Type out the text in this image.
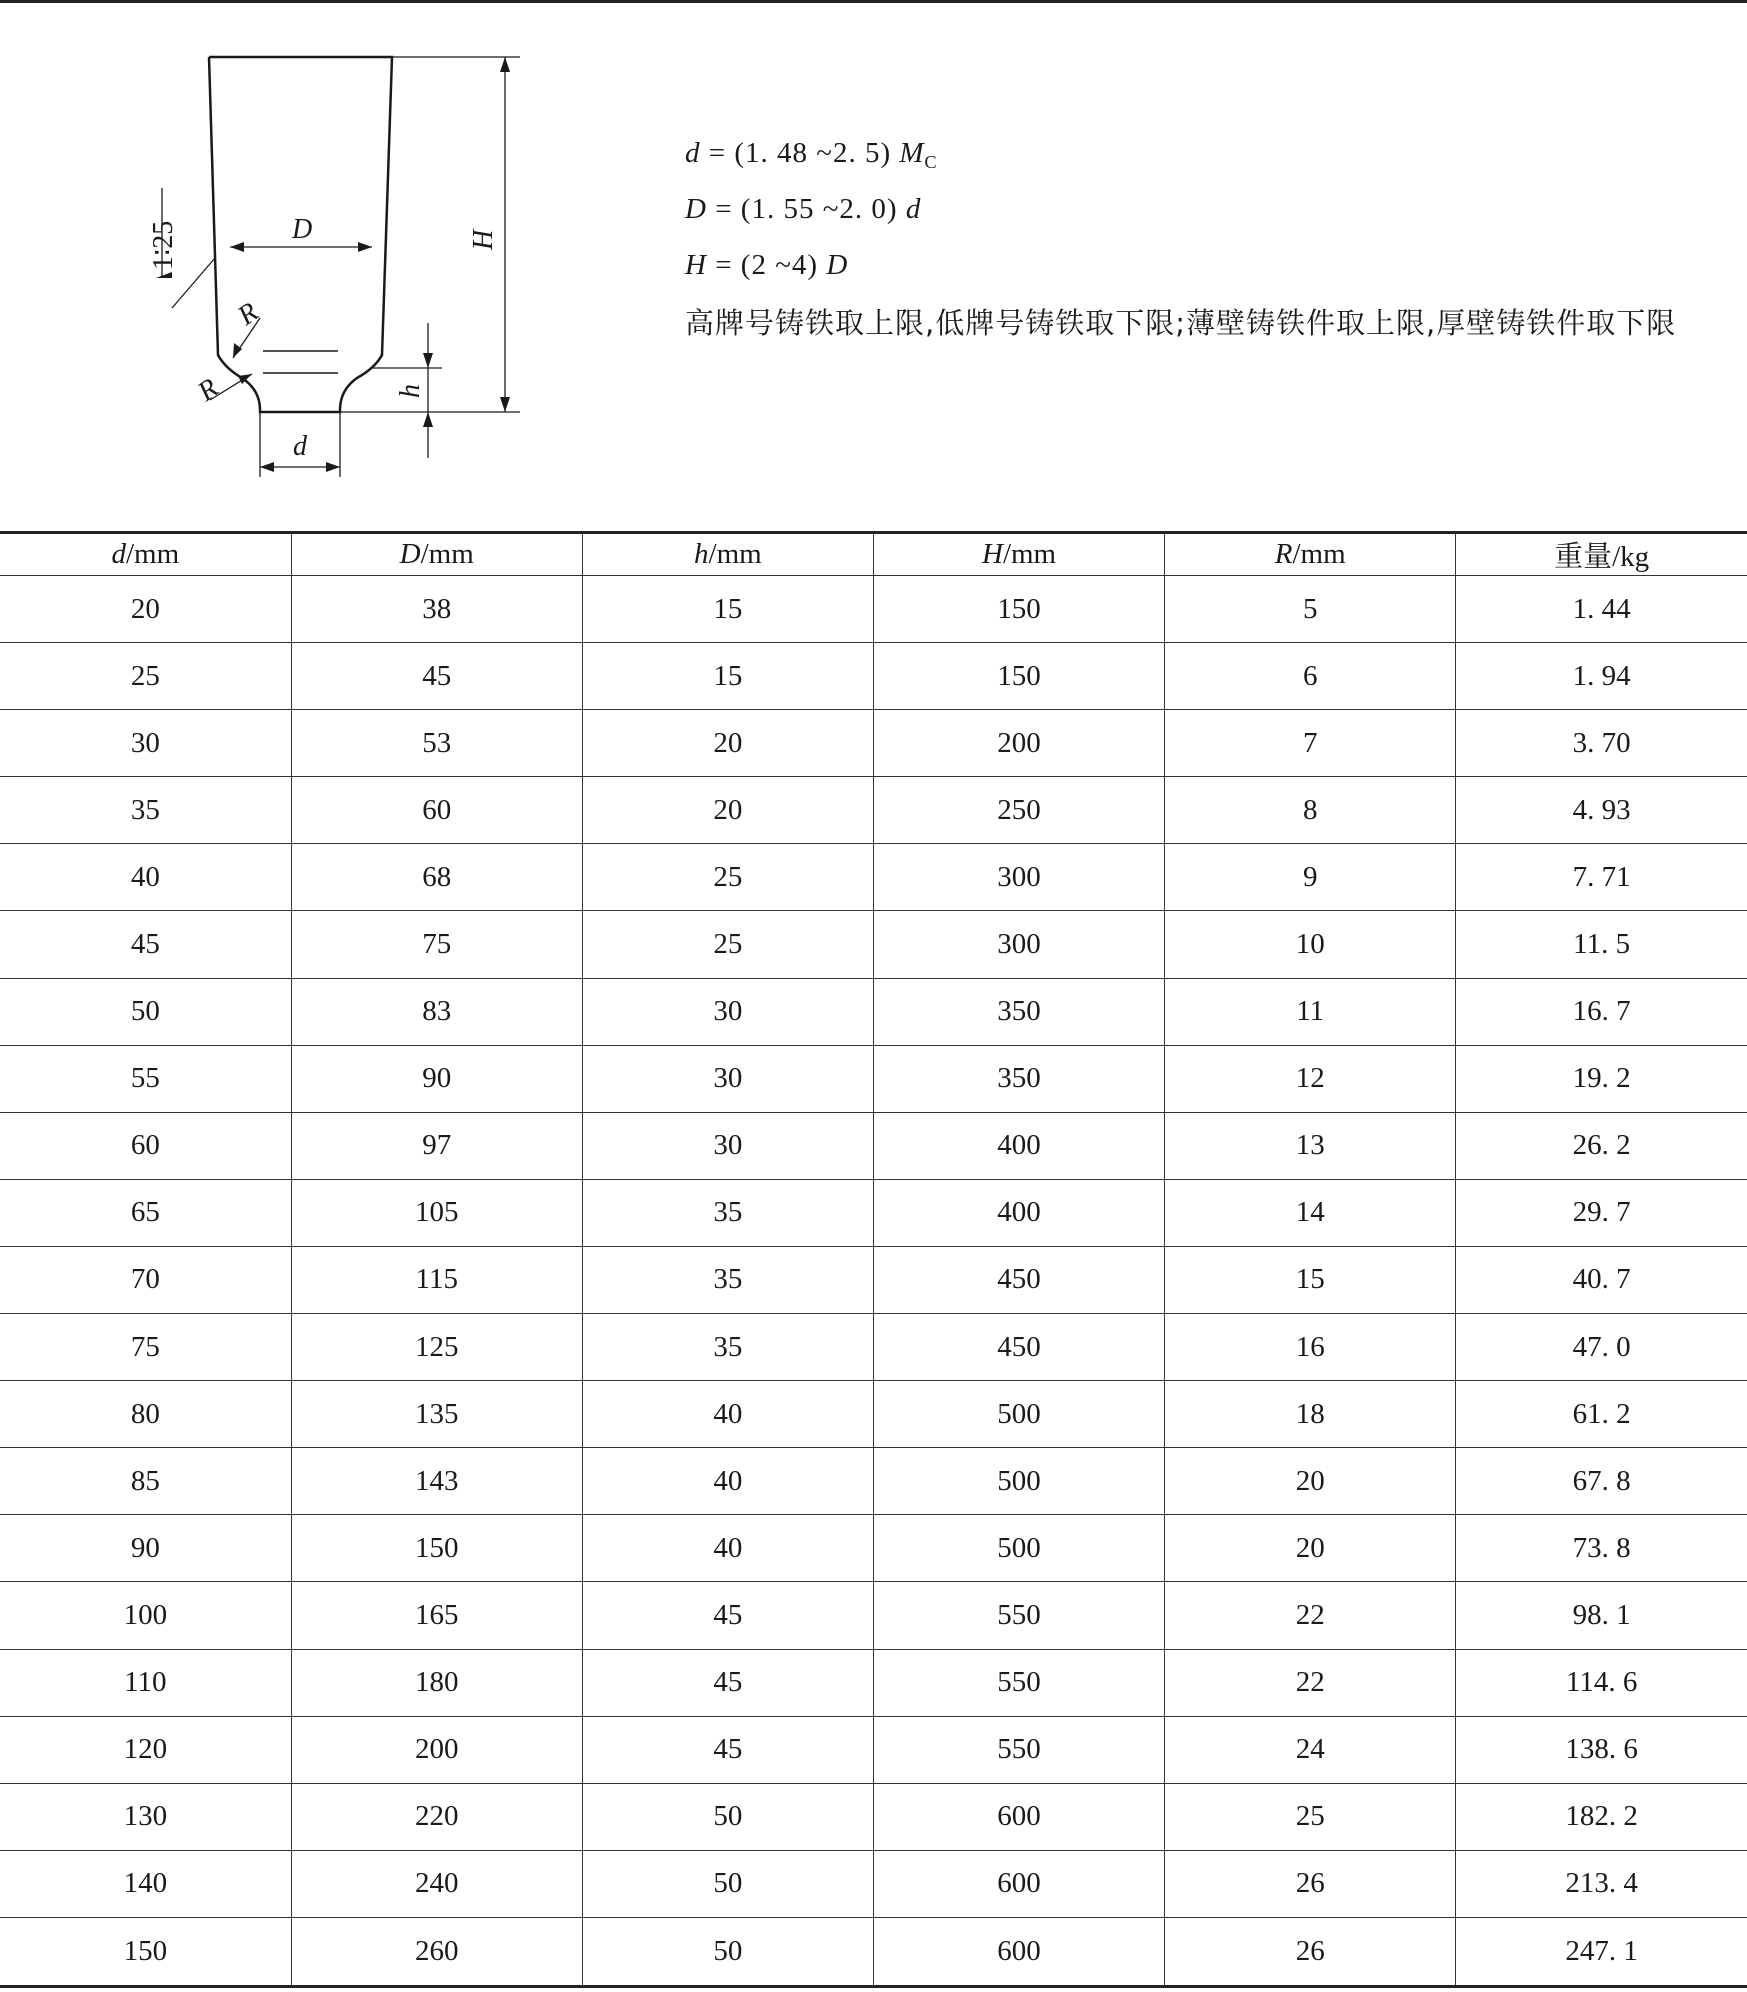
1∶25	D	H
R
R	h
d
d = (1. 48 ~2. 5) $M_C$
D = (1. 55 ~2. 0) d
H = (2 ~4) D
高牌号铸铁取上限,低牌号铸铁取下限;薄壁铸铁件取上限,厚壁铸铁件取下限
d/mm	D/mm	h/mm	H/mm	R/mm	重量/kg
20	38	15	150	5	1. 44
25	45	15	150	6	1. 94
30	53	20	200	7	3. 70
35	60	20	250	8	4. 93
40	68	25	300	9	7. 71
45	75	25	300	10	11. 5
50	83	30	350	11	16. 7
55	90	30	350	12	19. 2
60	97	30	400	13	26. 2
65	105	35	400	14	29. 7
70	115	35	450	15	40. 7
75	125	35	450	16	47. 0
80	135	40	500	18	61. 2
85	143	40	500	20	67. 8
90	150	40	500	20	73. 8
100	165	45	550	22	98. 1
110	180	45	550	22	114. 6
120	200	45	550	24	138. 6
130	220	50	600	25	182. 2
140	240	50	600	26	213. 4
150	260	50	600	26	247. 1
